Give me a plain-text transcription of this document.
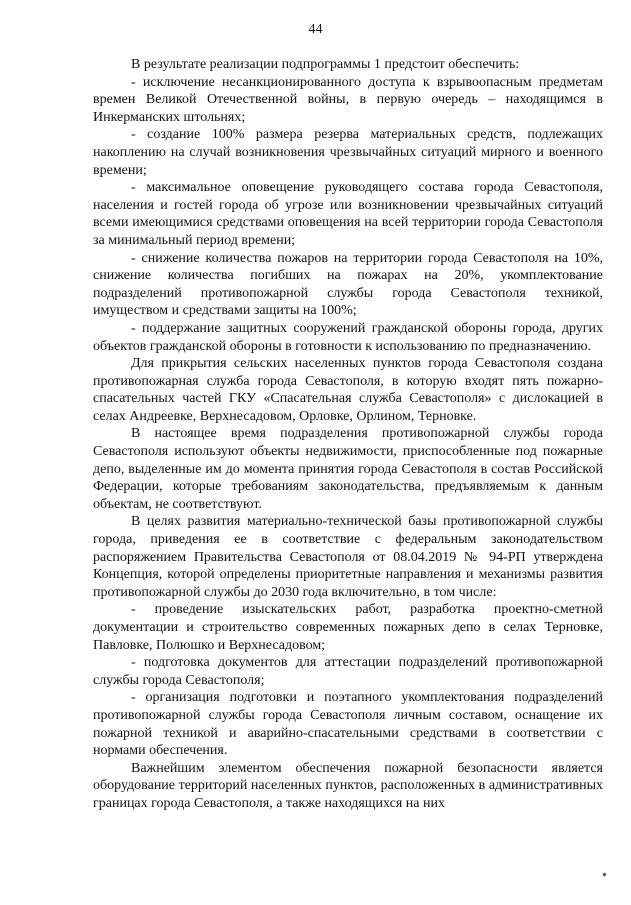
44

В результате реализации подпрограммы 1 предстоит обеспечить:

- исключение несанкционированного доступа к взрывоопасным предметам времен Великой Отечественной войны, в первую очередь – находящимся в Инкерманских штольнях;

- создание 100% размера резерва материальных средств, подлежащих накоплению на случай возникновения чрезвычайных ситуаций мирного и военного времени;

- максимальное оповещение руководящего состава города Севастополя, населения и гостей города об угрозе или возникновении чрезвычайных ситуаций всеми имеющимися средствами оповещения на всей территории города Севастополя за минимальный период времени;

- снижение количества пожаров на территории города Севастополя на 10%, снижение количества погибших на пожарах на 20%, укомплектование подразделений противопожарной службы города Севастополя техникой, имуществом и средствами защиты на 100%;

- поддержание защитных сооружений гражданской обороны города, других объектов гражданской обороны в готовности к использованию по предназначению.

Для прикрытия сельских населенных пунктов города Севастополя создана противопожарная служба города Севастополя, в которую входят пять пожарно-спасательных частей ГКУ «Спасательная служба Севастополя» с дислокацией в селах Андреевке, Верхнесадовом, Орловке, Орлином, Терновке.

В настоящее время подразделения противопожарной службы города Севастополя используют объекты недвижимости, приспособленные под пожарные депо, выделенные им до момента принятия города Севастополя в состав Российской Федерации, которые требованиям законодательства, предъявляемым к данным объектам, не соответствуют.

В целях развития материально-технической базы противопожарной службы города, приведения ее в соответствие с федеральным законодательством распоряжением Правительства Севастополя от 08.04.2019 № 94-РП утверждена Концепция, которой определены приоритетные направления и механизмы развития противопожарной службы до 2030 года включительно, в том числе:

- проведение изыскательских работ, разработка проектно-сметной документации и строительство современных пожарных депо в селах Терновке, Павловке, Полюшко и Верхнесадовом;

- подготовка документов для аттестации подразделений противопожарной службы города Севастополя;

- организация подготовки и поэтапного укомплектования подразделений противопожарной службы города Севастополя личным составом, оснащение их пожарной техникой и аварийно-спасательными средствами в соответствии с нормами обеспечения.

Важнейшим элементом обеспечения пожарной безопасности является оборудование территорий населенных пунктов, расположенных в административных границах города Севастополя, а также находящихся на них
